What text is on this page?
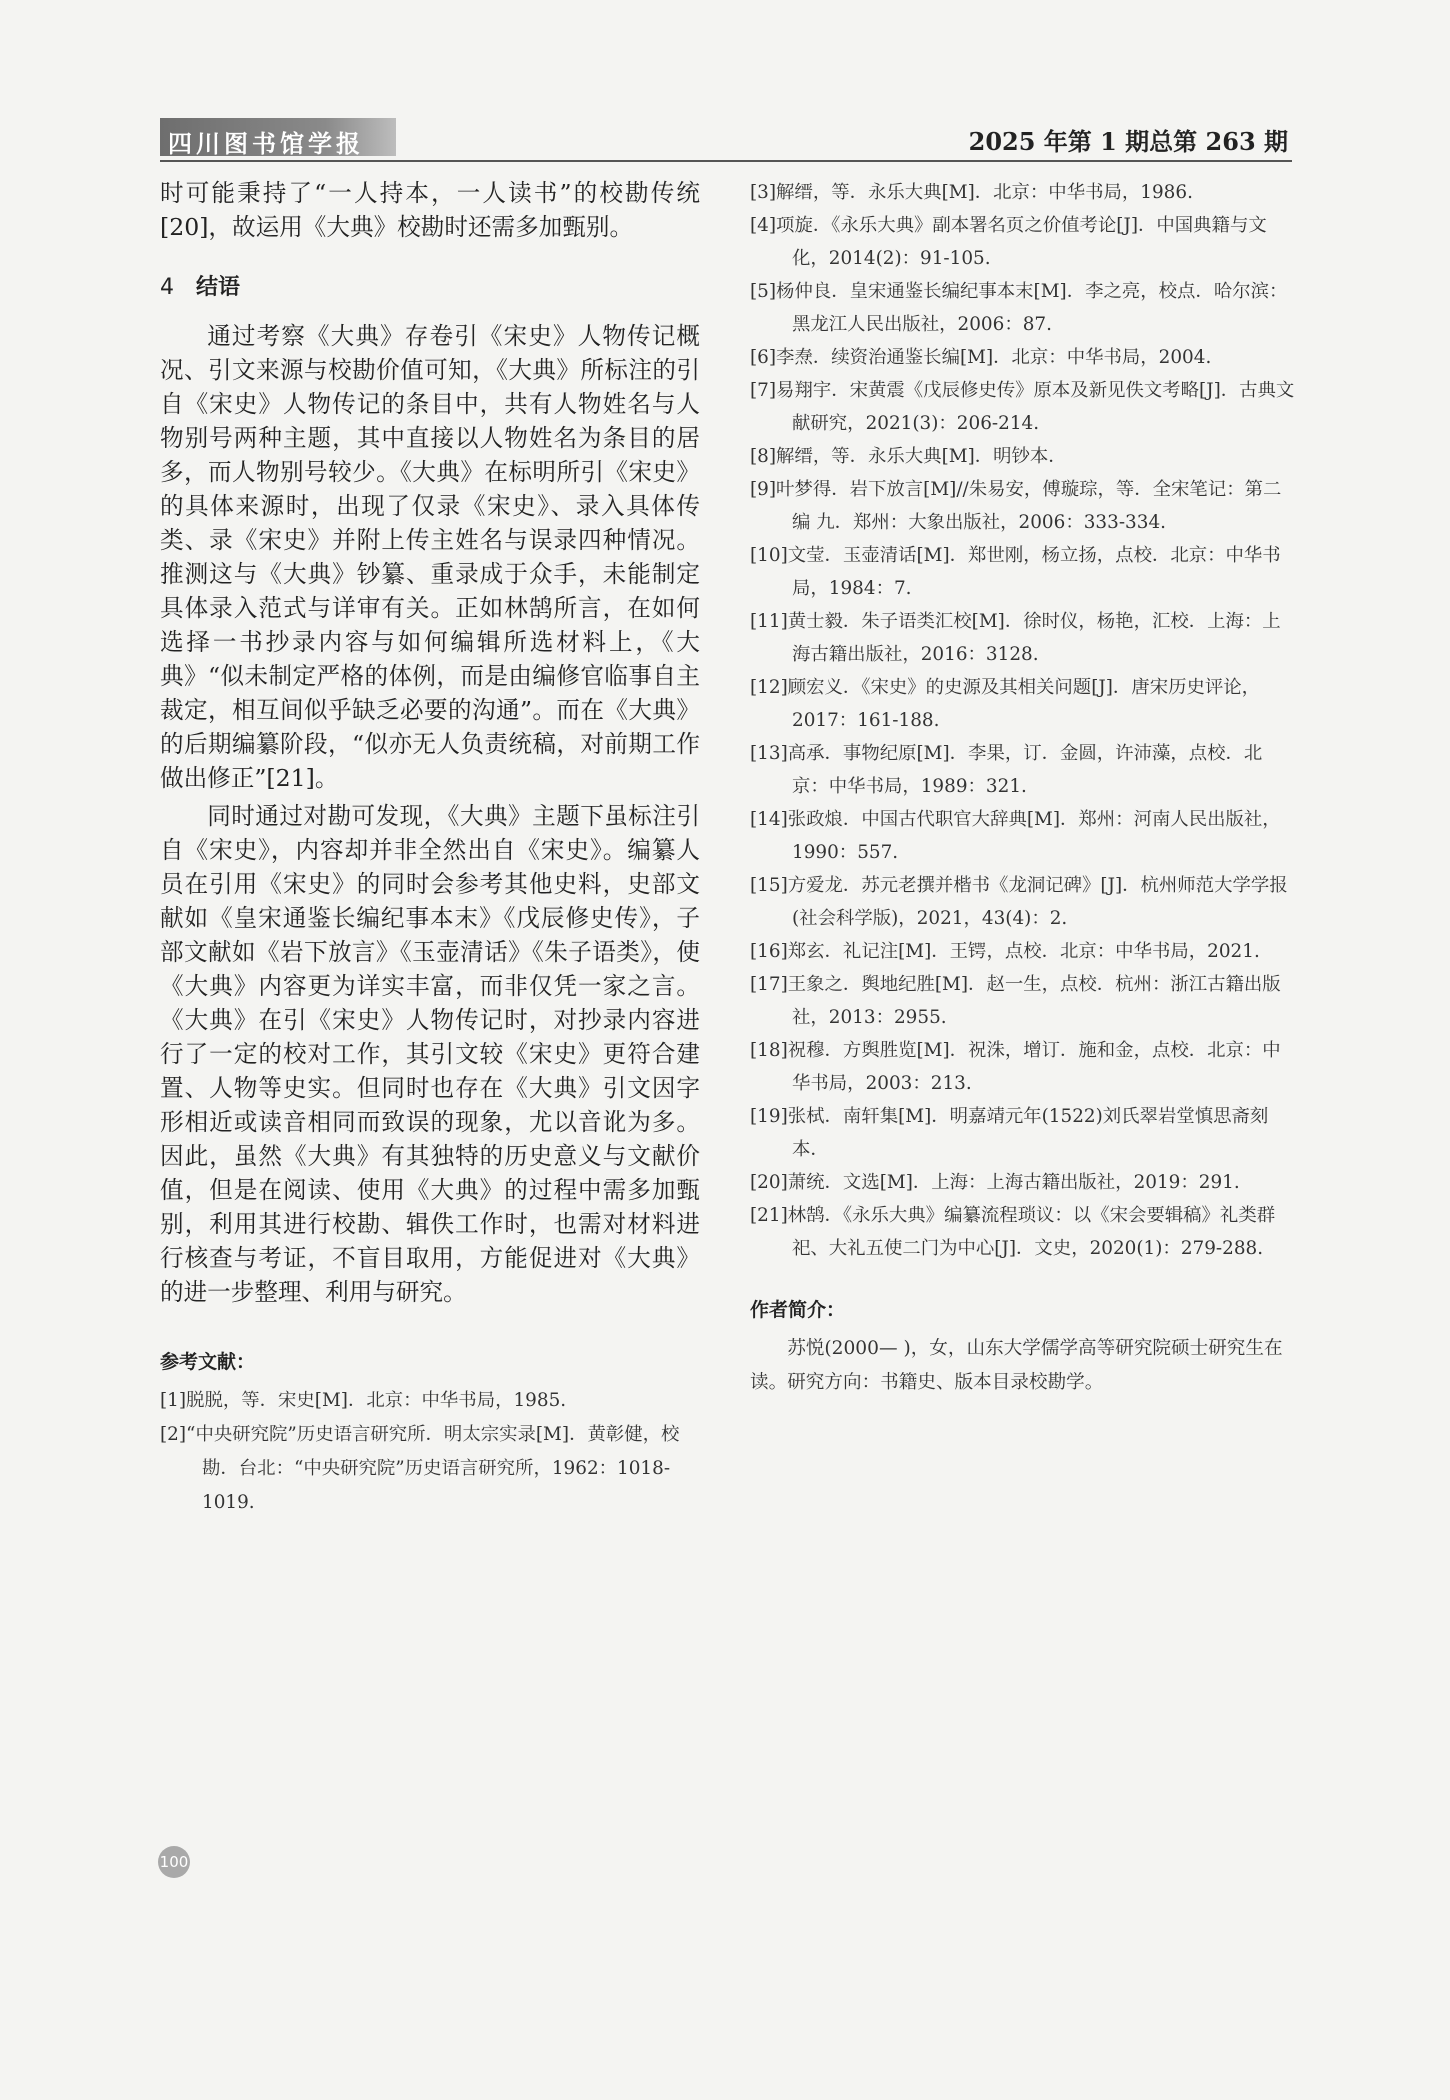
四川图书馆学报	2025 年第 1 期总第 263 期

时可能秉持了“一人持本，一人读书”的校勘传统[20]，故运用《大典》校勘时还需多加甄别。

4 结语

通过考察《大典》存卷引《宋史》人物传记概况、引文来源与校勘价值可知，《大典》所标注的引自《宋史》人物传记的条目中，共有人物姓名与人物别号两种主题，其中直接以人物姓名为条目的居多，而人物别号较少。《大典》在标明所引《宋史》的具体来源时，出现了仅录《宋史》、录入具体传类、录《宋史》并附上传主姓名与误录四种情况。推测这与《大典》钞纂、重录成于众手，未能制定具体录入范式与详审有关。正如林鹄所言，在如何选择一书抄录内容与如何编辑所选材料上，《大典》“似未制定严格的体例，而是由编修官临事自主裁定，相互间似乎缺乏必要的沟通”。而在《大典》的后期编纂阶段，“似亦无人负责统稿，对前期工作做出修正”[21]。

同时通过对勘可发现，《大典》主题下虽标注引自《宋史》，内容却并非全然出自《宋史》。编纂人员在引用《宋史》的同时会参考其他史料，史部文献如《皇宋通鉴长编纪事本末》《戊辰修史传》，子部文献如《岩下放言》《玉壶清话》《朱子语类》，使《大典》内容更为详实丰富，而非仅凭一家之言。《大典》在引《宋史》人物传记时，对抄录内容进行了一定的校对工作，其引文较《宋史》更符合建置、人物等史实。但同时也存在《大典》引文因字形相近或读音相同而致误的现象，尤以音讹为多。因此，虽然《大典》有其独特的历史意义与文献价值，但是在阅读、使用《大典》的过程中需多加甄别，利用其进行校勘、辑佚工作时，也需对材料进行核查与考证，不盲目取用，方能促进对《大典》的进一步整理、利用与研究。

参考文献：

[1]脱脱，等．宋史[M]．北京：中华书局，1985.

[2]“中央研究院”历史语言研究所．明太宗实录[M]．黄彰健，校勘．台北：“中央研究院”历史语言研究所，1962：1018-1019.

[3]解缙，等．永乐大典[M]．北京：中华书局，1986.

[4]项旋．《永乐大典》副本署名页之价值考论[J]．中国典籍与文化，2014(2)：91-105.

[5]杨仲良．皇宋通鉴长编纪事本末[M]．李之亮，校点．哈尔滨：黑龙江人民出版社，2006：87.

[6]李焘．续资治通鉴长编[M]．北京：中华书局，2004.

[7]易翔宇．宋黄震《戊辰修史传》原本及新见佚文考略[J]．古典文献研究，2021(3)：206-214.

[8]解缙，等．永乐大典[M]．明钞本．

[9]叶梦得．岩下放言[M]//朱易安，傅璇琮，等．全宋笔记：第二编 九．郑州：大象出版社，2006：333-334.

[10]文莹．玉壶清话[M]．郑世刚，杨立扬，点校．北京：中华书局，1984：7.

[11]黄士毅．朱子语类汇校[M]．徐时仪，杨艳，汇校．上海：上海古籍出版社，2016：3128.

[12]顾宏义．《宋史》的史源及其相关问题[J]．唐宋历史评论，2017：161-188.

[13]高承．事物纪原[M]．李果，订．金圆，许沛藻，点校．北京：中华书局，1989：321.

[14]张政烺．中国古代职官大辞典[M]．郑州：河南人民出版社，1990：557.

[15]方爱龙．苏元老撰并楷书《龙洞记碑》[J]．杭州师范大学学报(社会科学版)，2021，43(4)：2.

[16]郑玄．礼记注[M]．王锷，点校．北京：中华书局，2021.

[17]王象之．舆地纪胜[M]．赵一生，点校．杭州：浙江古籍出版社，2013：2955.

[18]祝穆．方舆胜览[M]．祝洙，增订．施和金，点校．北京：中华书局，2003：213.

[19]张栻．南轩集[M]．明嘉靖元年(1522)刘氏翠岩堂慎思斋刻本．

[20]萧统．文选[M]．上海：上海古籍出版社，2019：291.

[21]林鹄．《永乐大典》编纂流程琐议：以《宋会要辑稿》礼类群祀、大礼五使二门为中心[J]．文史，2020(1)：279-288.

作者简介：

苏悦(2000— )，女，山东大学儒学高等研究院硕士研究生在读。研究方向：书籍史、版本目录校勘学。

100
